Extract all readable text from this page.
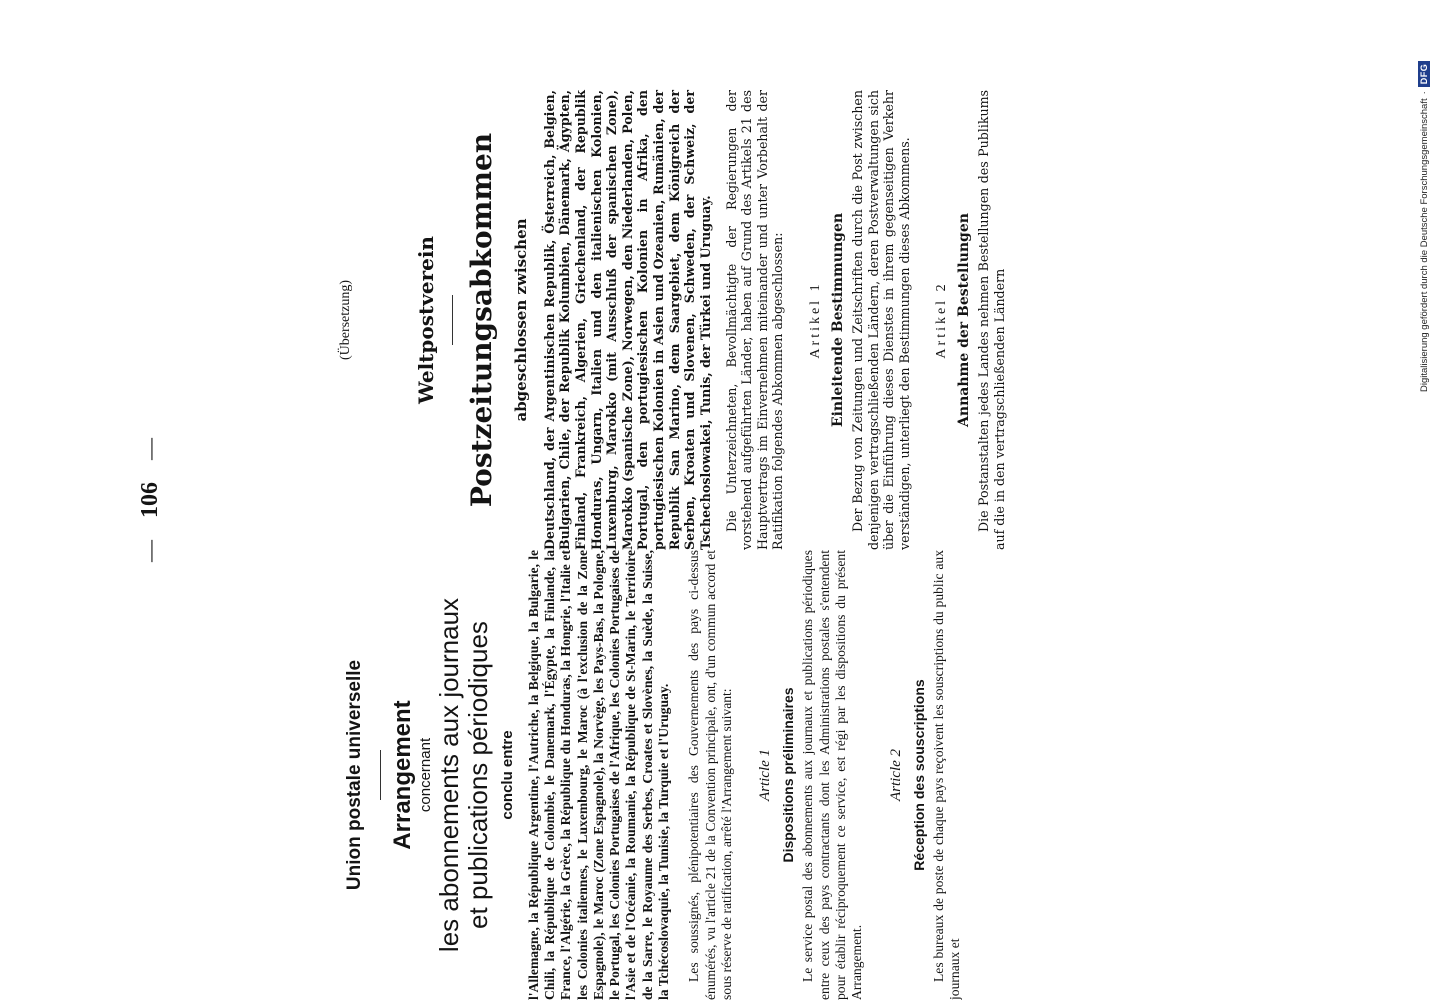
—
106
—
Union postale universelle Arrangement concernant les abonnements aux journaux et publications périodiques conclu entre l'Allemagne, la République Argentine, l'Autriche, la Belgique, la Bulgarie, le Chili, la République de Colombie, le Danemark, l'Égypte, la Finlande, la France, l'Algérie, la Grèce, la République du Honduras, la Hongrie, l'Italie et les Colonies italiennes, le Luxembourg, le Maroc (à l'exclusion de la Zone Espagnole), le Maroc (Zone Espagnole), la Norvège, les Pays-Bas, la Pologne, le Portugal, les Colonies Portugaises de l'Afrique, les Colonies Portugaises de l'Asie et de l'Océanie, la Roumanie, la République de St-Marin, le Territoire de la Sarre, le Royaume des Serbes, Croates et Slovènes, la Suède, la Suisse, la Tchécoslovaquie, la Tunisie, la Turquie et l'Uruguay. Les soussignés, plénipotentiaires des Gouvernements des pays ci-dessus énumérés, vu l'article 21 de la Convention principale, ont, d'un commun accord et sous réserve de ratification, arrêté l'Arrangement suivant: Article 1 Dispositions préliminaires Le service postal des abonnements aux journaux et publications périodiques entre ceux des pays contractants dont les Administrations postales s'entendent pour établir réciproquement ce service, est régi par les dispositions du présent Arrangement.

Article 2 Réception des souscriptions Les bureaux de poste de chaque pays reçoivent les souscriptions du public aux journaux et

(Übersetzung)	Weltpostverein Postzeitungsabkommen abgeschlossen zwischen Deutschland, der Argentinischen Republik, Österreich, Belgien, Bulgarien, Chile, der Republik Kolumbien, Dänemark, Ägypten, Finland, Frankreich, Algerien, Griechenland, der Republik Honduras, Ungarn, Italien und den italienischen Kolonien, Luxemburg, Marokko (mit Ausschluß der spanischen Zone), Marokko (spanische Zone), Norwegen, den Niederlanden, Polen, Portugal, den portugiesischen Kolonien in Afrika, den portugiesischen Kolonien in Asien und Ozeanien, Rumänien, der Republik San Marino, dem Saargebiet, dem Königreich der Serben, Kroaten und Slovenen, Schweden, der Schweiz, der Tschechoslowakei, Tunis, der Türkei und Uruguay. Die Unterzeichneten, Bevollmächtigte der Regierungen der vorstehend aufgeführten Länder, haben auf Grund des Artikels 21 des Hauptvertrags im Einvernehmen miteinander und unter Vorbehalt der Ratifikation folgendes Abkommen abgeschlossen: Artikel 1 Einleitende Bestimmungen Der Bezug von Zeitungen und Zeitschriften durch die Post zwischen denjenigen vertragschließenden Ländern, deren Postverwaltungen sich über die Einführung dieses Dienstes in ihrem gegenseitigen Verkehr verständigen, unterliegt den Bestimmungen dieses Abkommens. Artikel 2 Annahme der Bestellungen Die Postanstalten jedes Landes nehmen Bestellungen des Publikums auf die in den vertragschließenden Ländern

Digitalisierung gefördert durch die Deutsche Forschungsgemeinschaft
·
DFG
